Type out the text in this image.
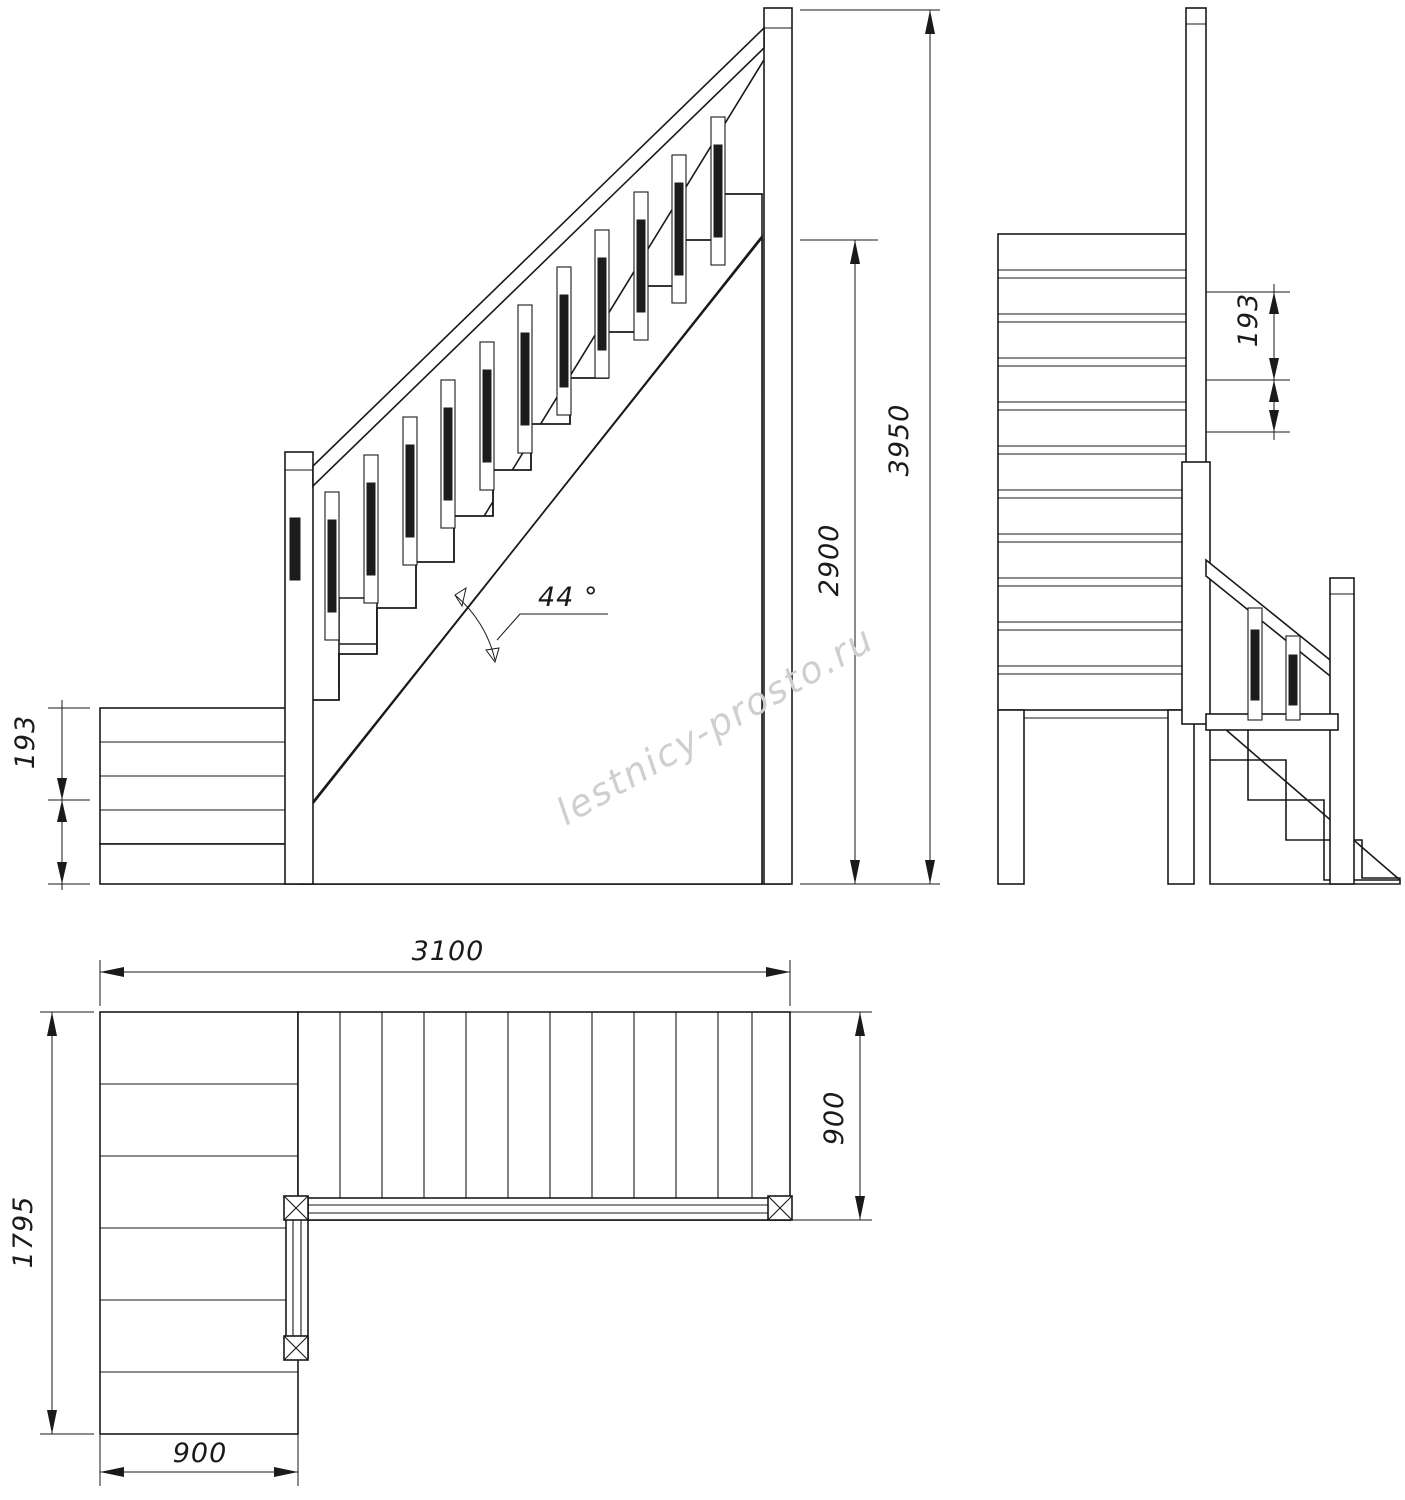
3950
2900
193
44 °
193
3100
900
1795
900
lestnicy-prosto.ru
